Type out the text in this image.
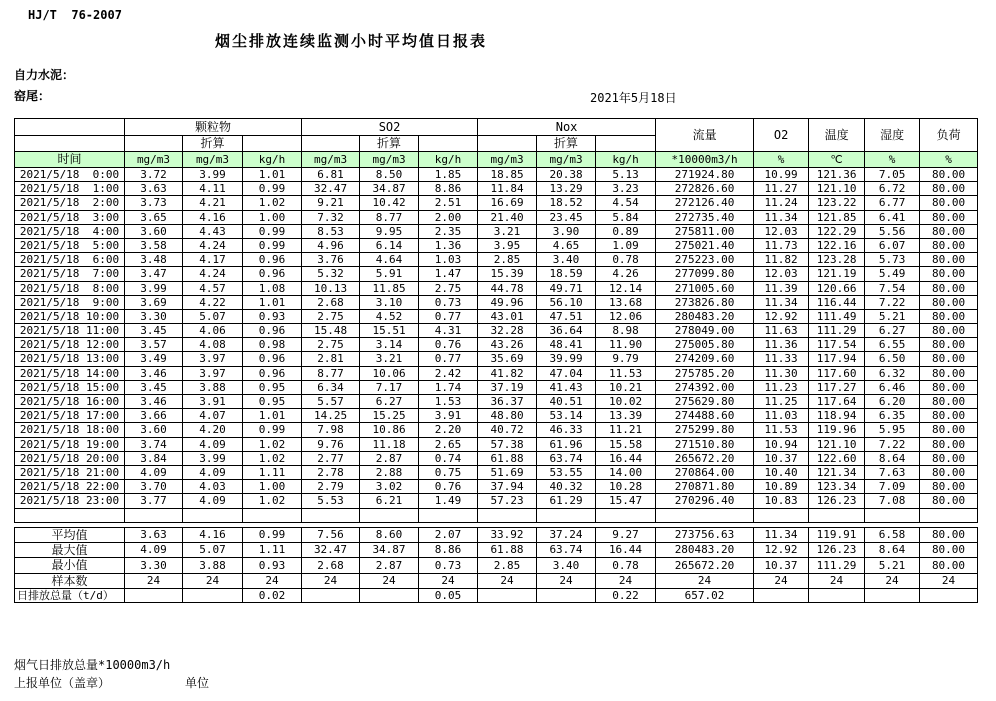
HJ/T  76-2007
烟尘排放连续监测小时平均值日报表
自力水泥：
窑尾：	2021年5月18日
	颗粒物			SO2			Nox			流量	O2	温度	湿度	负荷
		折算			折算			折算						
时间	mg/m3	mg/m3	kg/h	mg/m3	mg/m3	kg/h	mg/m3	mg/m3	kg/h	*10000m3/h	%	℃	%	%
2021/5/18  0:00	3.72	3.99	1.01	6.81	8.50	1.85	18.85	20.38	5.13	271924.80	10.99	121.36	7.05	80.00
2021/5/18  1:00	3.63	4.11	0.99	32.47	34.87	8.86	11.84	13.29	3.23	272826.60	11.27	121.10	6.72	80.00
2021/5/18  2:00	3.73	4.21	1.02	9.21	10.42	2.51	16.69	18.52	4.54	272126.40	11.24	123.22	6.77	80.00
2021/5/18  3:00	3.65	4.16	1.00	7.32	8.77	2.00	21.40	23.45	5.84	272735.40	11.34	121.85	6.41	80.00
2021/5/18  4:00	3.60	4.43	0.99	8.53	9.95	2.35	3.21	3.90	0.89	275811.00	12.03	122.29	5.56	80.00
2021/5/18  5:00	3.58	4.24	0.99	4.96	6.14	1.36	3.95	4.65	1.09	275021.40	11.73	122.16	6.07	80.00
2021/5/18  6:00	3.48	4.17	0.96	3.76	4.64	1.03	2.85	3.40	0.78	275223.00	11.82	123.28	5.73	80.00
2021/5/18  7:00	3.47	4.24	0.96	5.32	5.91	1.47	15.39	18.59	4.26	277099.80	12.03	121.19	5.49	80.00
2021/5/18  8:00	3.99	4.57	1.08	10.13	11.85	2.75	44.78	49.71	12.14	271005.60	11.39	120.66	7.54	80.00
2021/5/18  9:00	3.69	4.22	1.01	2.68	3.10	0.73	49.96	56.10	13.68	273826.80	11.34	116.44	7.22	80.00
2021/5/18 10:00	3.30	5.07	0.93	2.75	4.52	0.77	43.01	47.51	12.06	280483.20	12.92	111.49	5.21	80.00
2021/5/18 11:00	3.45	4.06	0.96	15.48	15.51	4.31	32.28	36.64	8.98	278049.00	11.63	111.29	6.27	80.00
2021/5/18 12:00	3.57	4.08	0.98	2.75	3.14	0.76	43.26	48.41	11.90	275005.80	11.36	117.54	6.55	80.00
2021/5/18 13:00	3.49	3.97	0.96	2.81	3.21	0.77	35.69	39.99	9.79	274209.60	11.33	117.94	6.50	80.00
2021/5/18 14:00	3.46	3.97	0.96	8.77	10.06	2.42	41.82	47.04	11.53	275785.20	11.30	117.60	6.32	80.00
2021/5/18 15:00	3.45	3.88	0.95	6.34	7.17	1.74	37.19	41.43	10.21	274392.00	11.23	117.27	6.46	80.00
2021/5/18 16:00	3.46	3.91	0.95	5.57	6.27	1.53	36.37	40.51	10.02	275629.80	11.25	117.64	6.20	80.00
2021/5/18 17:00	3.66	4.07	1.01	14.25	15.25	3.91	48.80	53.14	13.39	274488.60	11.03	118.94	6.35	80.00
2021/5/18 18:00	3.60	4.20	0.99	7.98	10.86	2.20	40.72	46.33	11.21	275299.80	11.53	119.96	5.95	80.00
2021/5/18 19:00	3.74	4.09	1.02	9.76	11.18	2.65	57.38	61.96	15.58	271510.80	10.94	121.10	7.22	80.00
2021/5/18 20:00	3.84	3.99	1.02	2.77	2.87	0.74	61.88	63.74	16.44	265672.20	10.37	122.60	8.64	80.00
2021/5/18 21:00	4.09	4.09	1.11	2.78	2.88	0.75	51.69	53.55	14.00	270864.00	10.40	121.34	7.63	80.00
2021/5/18 22:00	3.70	4.03	1.00	2.79	3.02	0.76	37.94	40.32	10.28	270871.80	10.89	123.34	7.09	80.00
2021/5/18 23:00	3.77	4.09	1.02	5.53	6.21	1.49	57.23	61.29	15.47	270296.40	10.83	126.23	7.08	80.00

平均值	3.63	4.16	0.99	7.56	8.60	2.07	33.92	37.24	9.27	273756.63	11.34	119.91	6.58	80.00
最大值	4.09	5.07	1.11	32.47	34.87	8.86	61.88	63.74	16.44	280483.20	12.92	126.23	8.64	80.00
最小值	3.30	3.88	0.93	2.68	2.87	0.73	2.85	3.40	0.78	265672.20	10.37	111.29	5.21	80.00
样本数	24	24	24	24	24	24	24	24	24	24	24	24	24	24
日排放总量（t/d）			0.02			0.05			0.22	657.02				
烟气日排放总量*10000m3/h
上报单位（盖章）	单位
